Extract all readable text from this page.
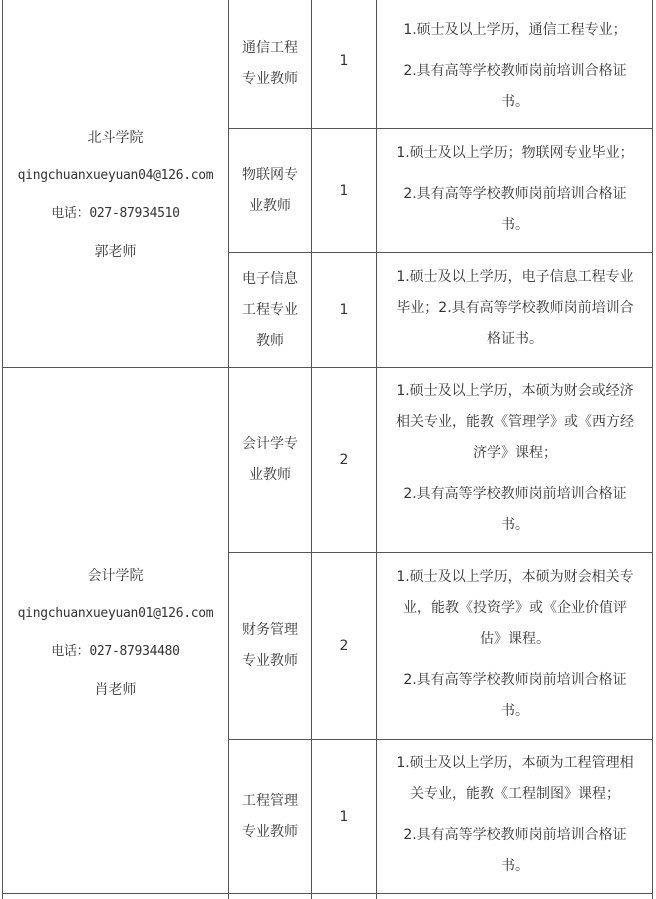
北斗学院

qingchuanxueyuan04@126.com

电话：027-87934510

郭老师

通信工程

专业教师

1

1.硕士及以上学历，通信工程专业；

2.具有高等学校教师岗前培训合格证

书。

物联网专

业教师

1

1.硕士及以上学历；物联网专业毕业；

2.具有高等学校教师岗前培训合格证

书。

电子信息

工程专业

教师

1

1.硕士及以上学历，电子信息工程专业

毕业；2.具有高等学校教师岗前培训合

格证书。

会计学院

qingchuanxueyuan01@126.com

电话：027-87934480

肖老师

会计学专

业教师

2

1.硕士及以上学历，本硕为财会或经济

相关专业，能教《管理学》或《西方经

济学》课程；

2.具有高等学校教师岗前培训合格证

书。

财务管理

专业教师

2

1.硕士及以上学历，本硕为财会相关专

业，能教《投资学》或《企业价值评

估》课程。

2.具有高等学校教师岗前培训合格证

书。

工程管理

专业教师

1

1.硕士及以上学历，本硕为工程管理相

关专业，能教《工程制图》课程；

2.具有高等学校教师岗前培训合格证

书。
